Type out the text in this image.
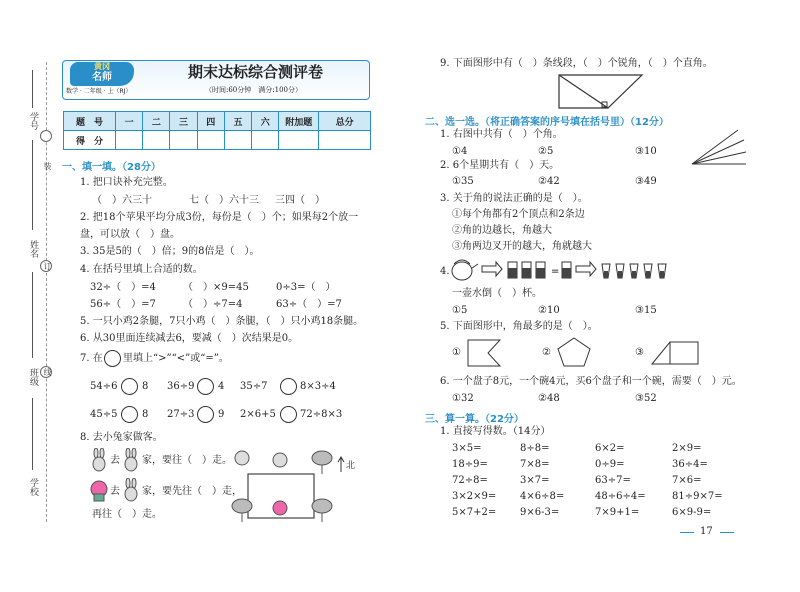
学号
姓名
班级
学校
装
订
线
黄冈
名师
数学 · 二年级 · 上（RJ）
期末达标综合测评卷
（时间:60分钟　满分:100分）
题　号	一	二	三	四	五	六	附加题	总分
得　分								
一、填一填。（28分）
1. 把口诀补充完整。
（　）六三十	七（　）六十三 三四（　）
2. 把18个苹果平均分成3份，每份是（　）个；如果每2个放一
盘，可以放（　）盘。
3. 35是5的（　）倍；9的8倍是（　）。
4. 在括号里填上合适的数。
32÷（　）=4	（　）×9=45	0÷3=（　）
56÷（　）=7	（　）÷7=4	63÷（　）=7
5. 一只小鸡2条腿，7只小鸡（　）条腿，（　）只小鸡18条腿。
6. 从30里面连续减去6，要减（　）次结果是0。
7. 在 里填上“>”“<”或“=”。
54÷6 8 36÷9 4 35÷7	8×3÷4
45÷5 8 27÷3 9 2×6+5 72÷8×3
8. 去小兔家做客。
去 家，要往（　）走。
去 家，要先往（　）走，
再往（　）走。
北
9. 下面图形中有（　）条线段，（　）个锐角，（　）个直角。
二、选一选。（将正确答案的序号填在括号里）（12分）
1. 右图中共有（　）个角。
①4	②5	③10
2. 6个星期共有（　）天。
①35	②42	③49
3. 关于角的说法正确的是（　）。
①每个角都有2个顶点和2条边
②角的边越长，角越大
③角两边叉开的越大，角就越大
4.	=
一壶水倒（　）杯。
①5	②10	③15
5. 下面图形中，角最多的是（　）。
①	②	③
6. 一个盘子8元，一个碗4元，买6个盘子和一个碗，需要（　）元。
①32	②48	③52
三、算一算。（22分）
1. 直接写得数。（14分）
3×5=	8÷8=	6×2=	2×9=
18÷9=	7×8=	0÷9=	36÷4=
72÷8=	3×7=	63÷7=	7×6=
3×2×9= 4×6÷8=	48÷6÷4=	81÷9×7=
5×7+2= 9×6-3=	7×9+1=	6×9-9=
17
